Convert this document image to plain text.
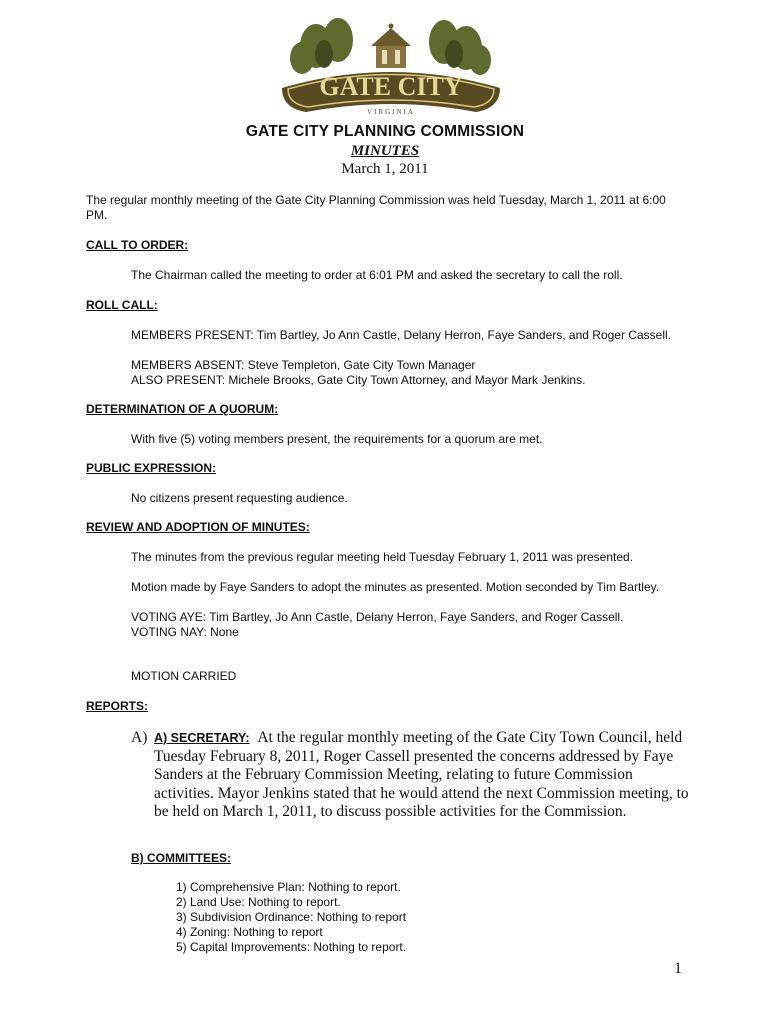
GATE CITY
VIRGINIA
GATE CITY PLANNING COMMISSION
MINUTES
March 1, 2011
The regular monthly meeting of the Gate City Planning Commission was held Tuesday, March 1, 2011 at 6:00 PM.
CALL TO ORDER:
The Chairman called the meeting to order at 6:01 PM and asked the secretary to call the roll.
ROLL CALL:
MEMBERS PRESENT: Tim Bartley, Jo Ann Castle, Delany Herron, Faye Sanders, and Roger Cassell.
MEMBERS ABSENT: Steve Templeton, Gate City Town Manager
ALSO PRESENT: Michele Brooks, Gate City Town Attorney, and Mayor Mark Jenkins.
DETERMINATION OF A QUORUM:
With five (5) voting members present, the requirements for a quorum are met.
PUBLIC EXPRESSION:
No citizens present requesting audience.
REVIEW AND ADOPTION OF MINUTES:
The minutes from the previous regular meeting held Tuesday February 1, 2011 was presented.
Motion made by Faye Sanders to adopt the minutes as presented. Motion seconded by Tim Bartley.
VOTING AYE: Tim Bartley, Jo Ann Castle, Delany Herron, Faye Sanders, and Roger Cassell.
VOTING NAY: None
MOTION CARRIED
REPORTS:
A) A) SECRETARY: At the regular monthly meeting of the Gate City Town Council, held Tuesday February 8, 2011, Roger Cassell presented the concerns addressed by Faye Sanders at the February Commission Meeting, relating to future Commission activities. Mayor Jenkins stated that he would attend the next Commission meeting, to be held on March 1, 2011, to discuss possible activities for the Commission.
B) COMMITTEES:
1) Comprehensive Plan: Nothing to report.
2) Land Use: Nothing to report.
3) Subdivision Ordinance: Nothing to report
4) Zoning: Nothing to report
5) Capital Improvements: Nothing to report.
1
